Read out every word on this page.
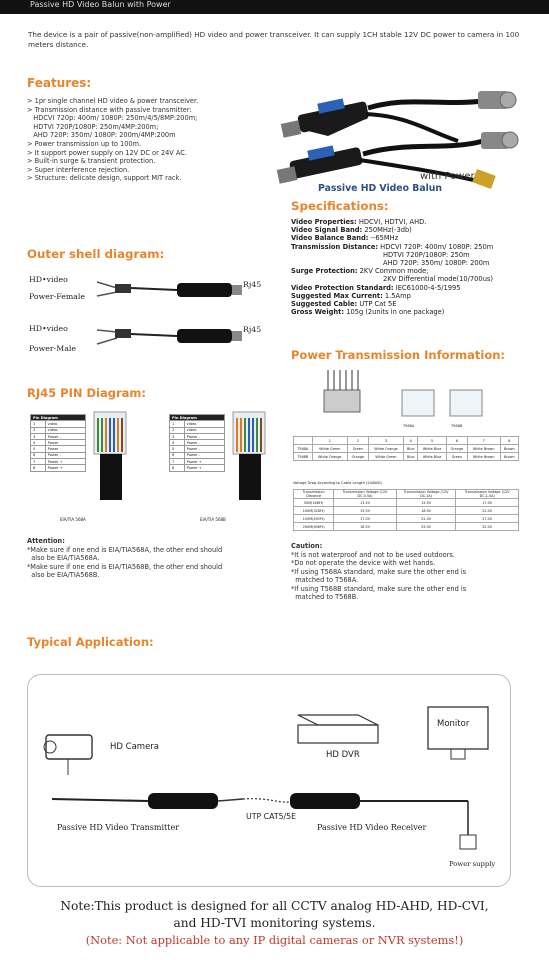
Passive HD Video Balun with Power
The device is a pair of passive(non-amplified) HD video and power transceiver. It can supply 1CH stable 12V DC power to camera in 100 meters distance.
Features:
> 1pr single channel HD video & power transceiver.
> Transmission distance with passive transmitter:
HDCVI 720p: 400m/ 1080P: 250m/4/5/8MP:200m;
HDTVI 720P/1080P: 250m/4MP:200m;
AHD 720P: 350m/ 1080P: 200m/4MP:200m
> Power transmission up to 100m.
> It support power supply on 12V DC or 24V AC.
> Built-in surge & transient protection.
> Super interference rejection.
> Structure: delicate design, support MIT rack.	with Power
Passive HD Video Balun
Specifications:
Video Properties: HDCVI, HDTVI, AHD.
Video Signal Band: 250MHz(-3db)
Video Balance Band: --65MHz
Transmission Distance: HDCVI 720P: 400m/ 1080P: 250m
HDTVI 720P/1080P: 250m
AHD 720P: 350m/ 1080P: 200m
Surge Protection: 2KV Common mode;
2KV Differential mode(10/700us)
Video Protection Standard: IEC61000-4-5/1995
Suggested Max Current: 1.5Amp
Suggested Cable: UTP Cat 5E
Gross Weight: 105g (2units in one package)
Outer shell diagram:
HD•video
Power-Female
Rj45
HD•video
Power-Male
Rj45
Power Transmission Information:
T568A	T568B
	1	2	3	4	5	6	7	8
T568A	White Green	Green	White Orange	Blue	White Blue	Orange	White Brown	Brown
T568B	White Orange	Orange	White Green	Blue	White Blue	Green	White Brown	Brown
Voltage Drop According to Cable Length (24AWG)
Transmission Distance	Transmission Voltage (12V DC,0.5A)	Transmission Voltage (12V DC,1A)	Transmission Voltage (12V DC,1.5A)
50M(166Ft)	13.5V	15.5V	17.0V
100M(328Ft)	15.5V	18.5V	22.0V
150M(492Ft)	17.0V	22.0V	27.0V
200M(656Ft)	18.5V	25.0V	32.0V
RJ45 PIN Diagram:
Pin Diagram	
1	video
2	video
3	Power -
4	Power
5	Power
6	Power -
7	Power +
8	Power +
Pin Diagram	
1	video
2	video
3	Power -
4	Power -
5	Power -
6	Power -
7	Power +
8	Power +
EIA/TIA 568A	EIA/TIA 568B
Attention:
*Make sure if one end is EIA/TIA568A, the other end should
also be EIA/TIA568A.
*Make sure if one end is EIA/TIA568B, the other end should
also be EIA/TIA568B.
Caution:
*It is not waterproof and not to be used outdoors.
*Do not operate the device with wet hands.
*If using T568A standard, make sure the other end is
matched to T568A.
*If using T568B standard, make sure the other end is
matched to T568B.
Typical Application:
HD Camera
HD DVR
Monitor
UTP CAT5/5E
Passive HD Video Transmitter	Passive HD Video Receiver
Power supply
Note:This product is designed for all CCTV analog HD-AHD, HD-CVI,
and HD-TVI monitoring systems.
(Note: Not applicable to any IP digital cameras or NVR systems!)
